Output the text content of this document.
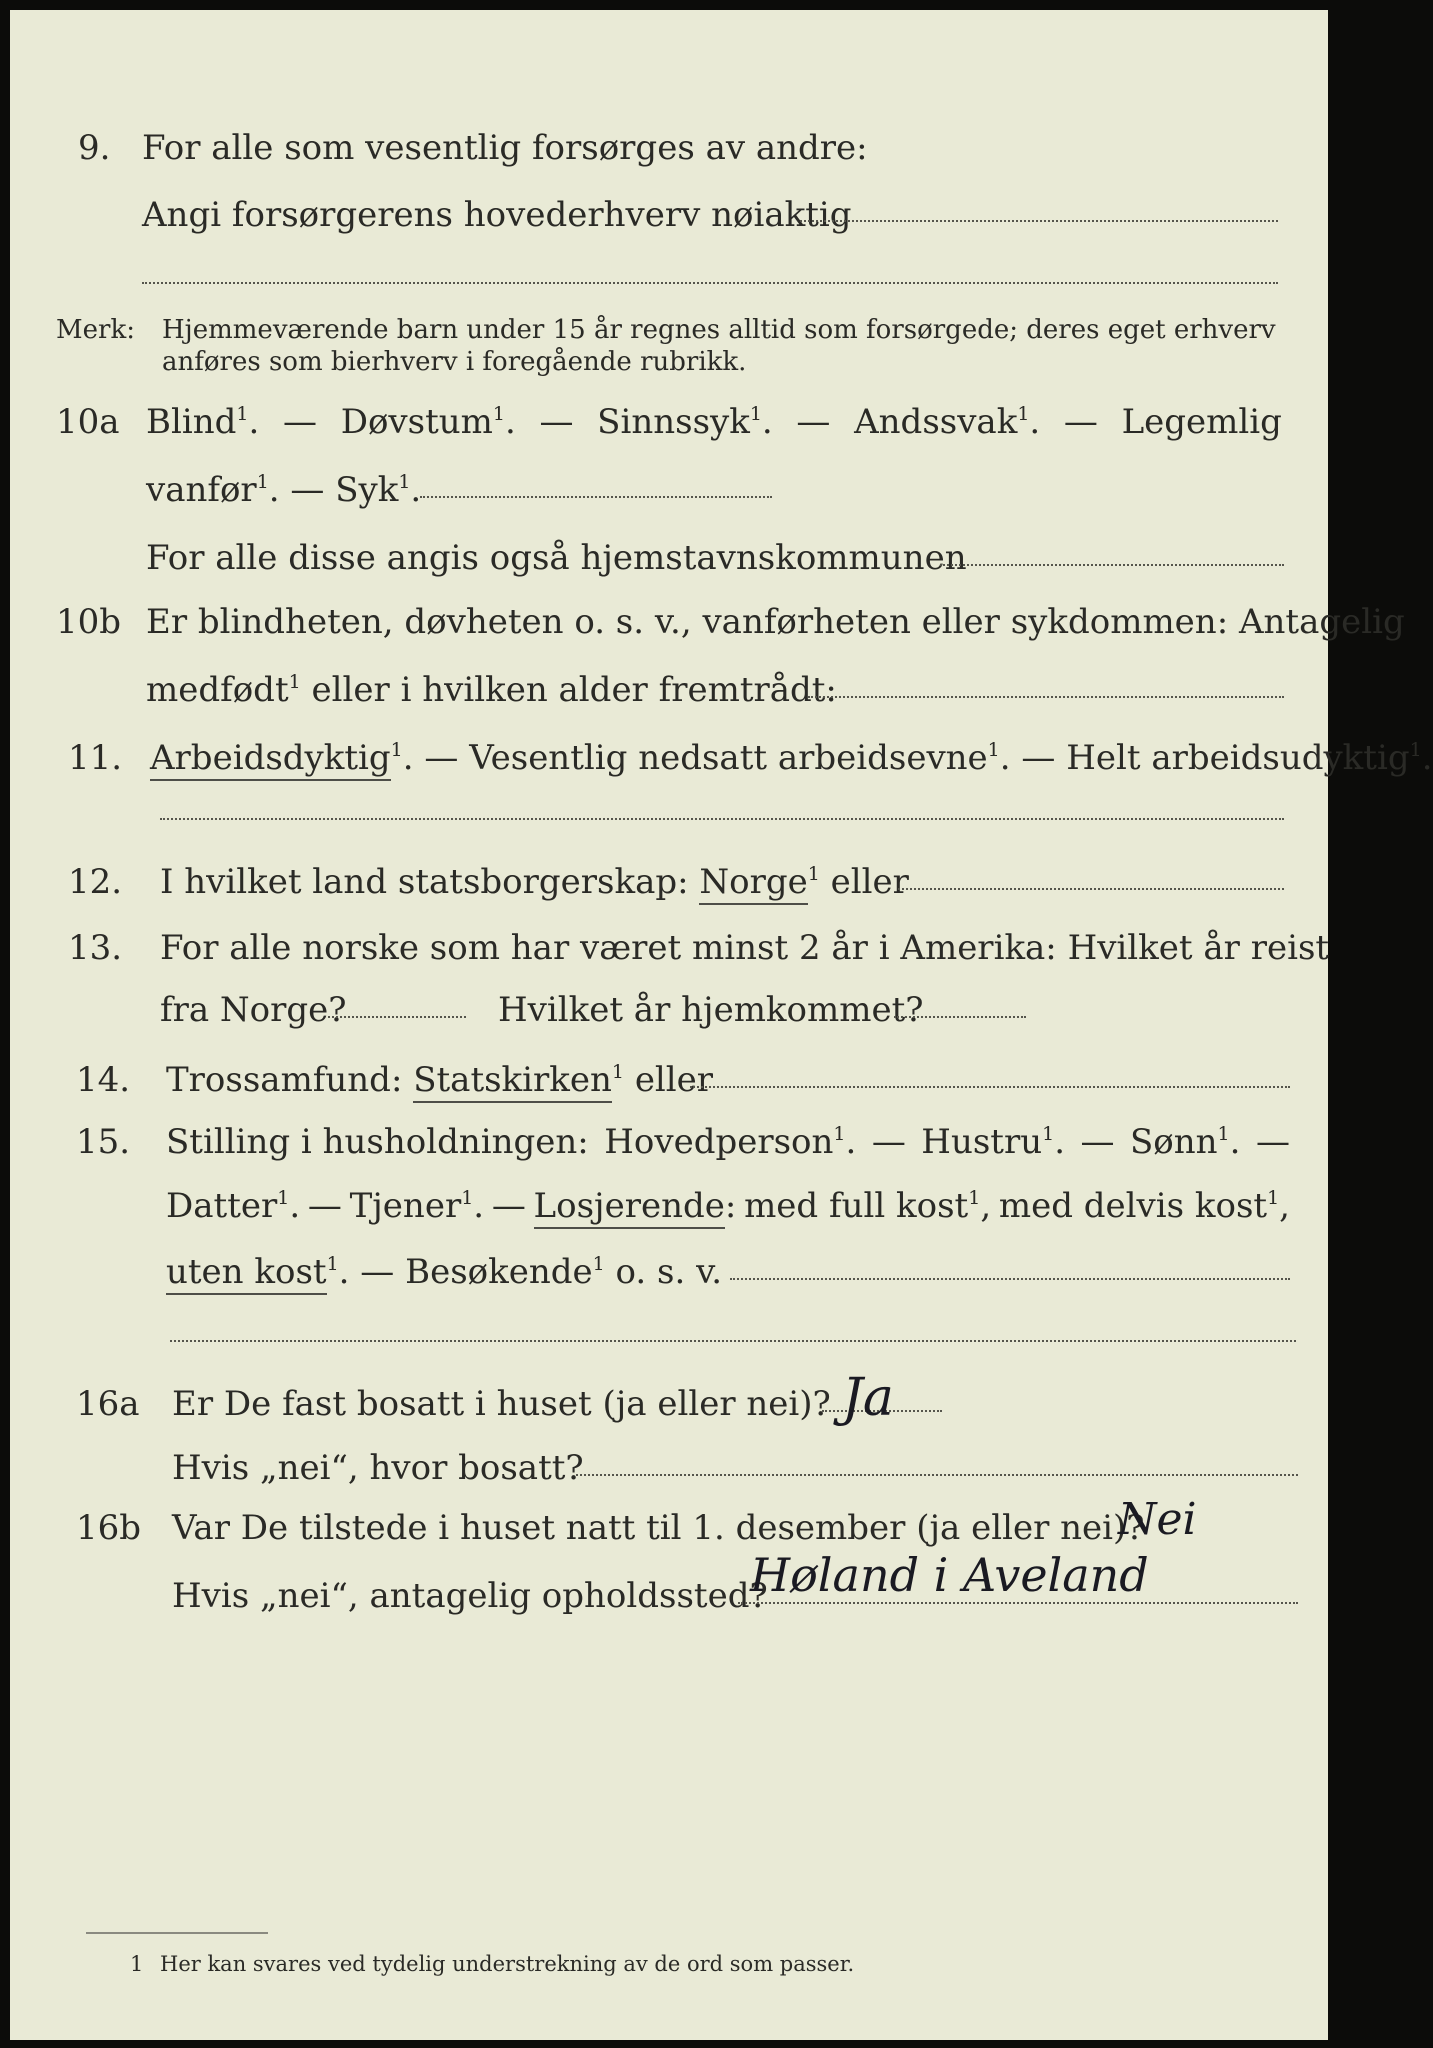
9. For alle som vesentlig forsørges av andre:
Angi forsørgerens hovederhverv nøiaktig
Merk: Hjemmeværende barn under 15 år regnes alltid som forsørgede; deres eget erhverv
anføres som bierhverv i foregående rubrikk.
10a Blind$^1$. — Døvstum$^1$. — Sinnssyk$^1$. — Andssvak$^1$. — Legemlig
vanfør$^1$. — Syk$^1$.
For alle disse angis også hjemstavnskommunen
10b Er blindheten, døvheten o. s. v., vanførheten eller sykdommen: Antagelig
medfødt$^1$ eller i hvilken alder fremtrådt:
11. Arbeidsdyktig$^1$. — Vesentlig nedsatt arbeidsevne$^1$. — Helt arbeidsudyktig$^1$.
12. I hvilket land statsborgerskap: Norge$^1$ eller
13. For alle norske som har været minst 2 år i Amerika: Hvilket år reist
fra Norge?	Hvilket år hjemkommet?
14. Trossamfund: Statskirken$^1$ eller
15. Stilling i husholdningen: Hovedperson$^1$. — Hustru$^1$. — Sønn$^1$. —
Datter$^1$. — Tjener$^1$. — Losjerende: med full kost$^1$, med delvis kost$^1$,
uten kost$^1$. — Besøkende$^1$ o. s. v.
16a Er De fast bosatt i huset (ja eller nei)? Ja
Hvis „nei“, hvor bosatt?
16b Var De tilstede i huset natt til 1. desember (ja eller nei)?
Nei
Hvis „nei“, antagelig opholdssted?
Høland i Aveland
1 Her kan svares ved tydelig understrekning av de ord som passer.
